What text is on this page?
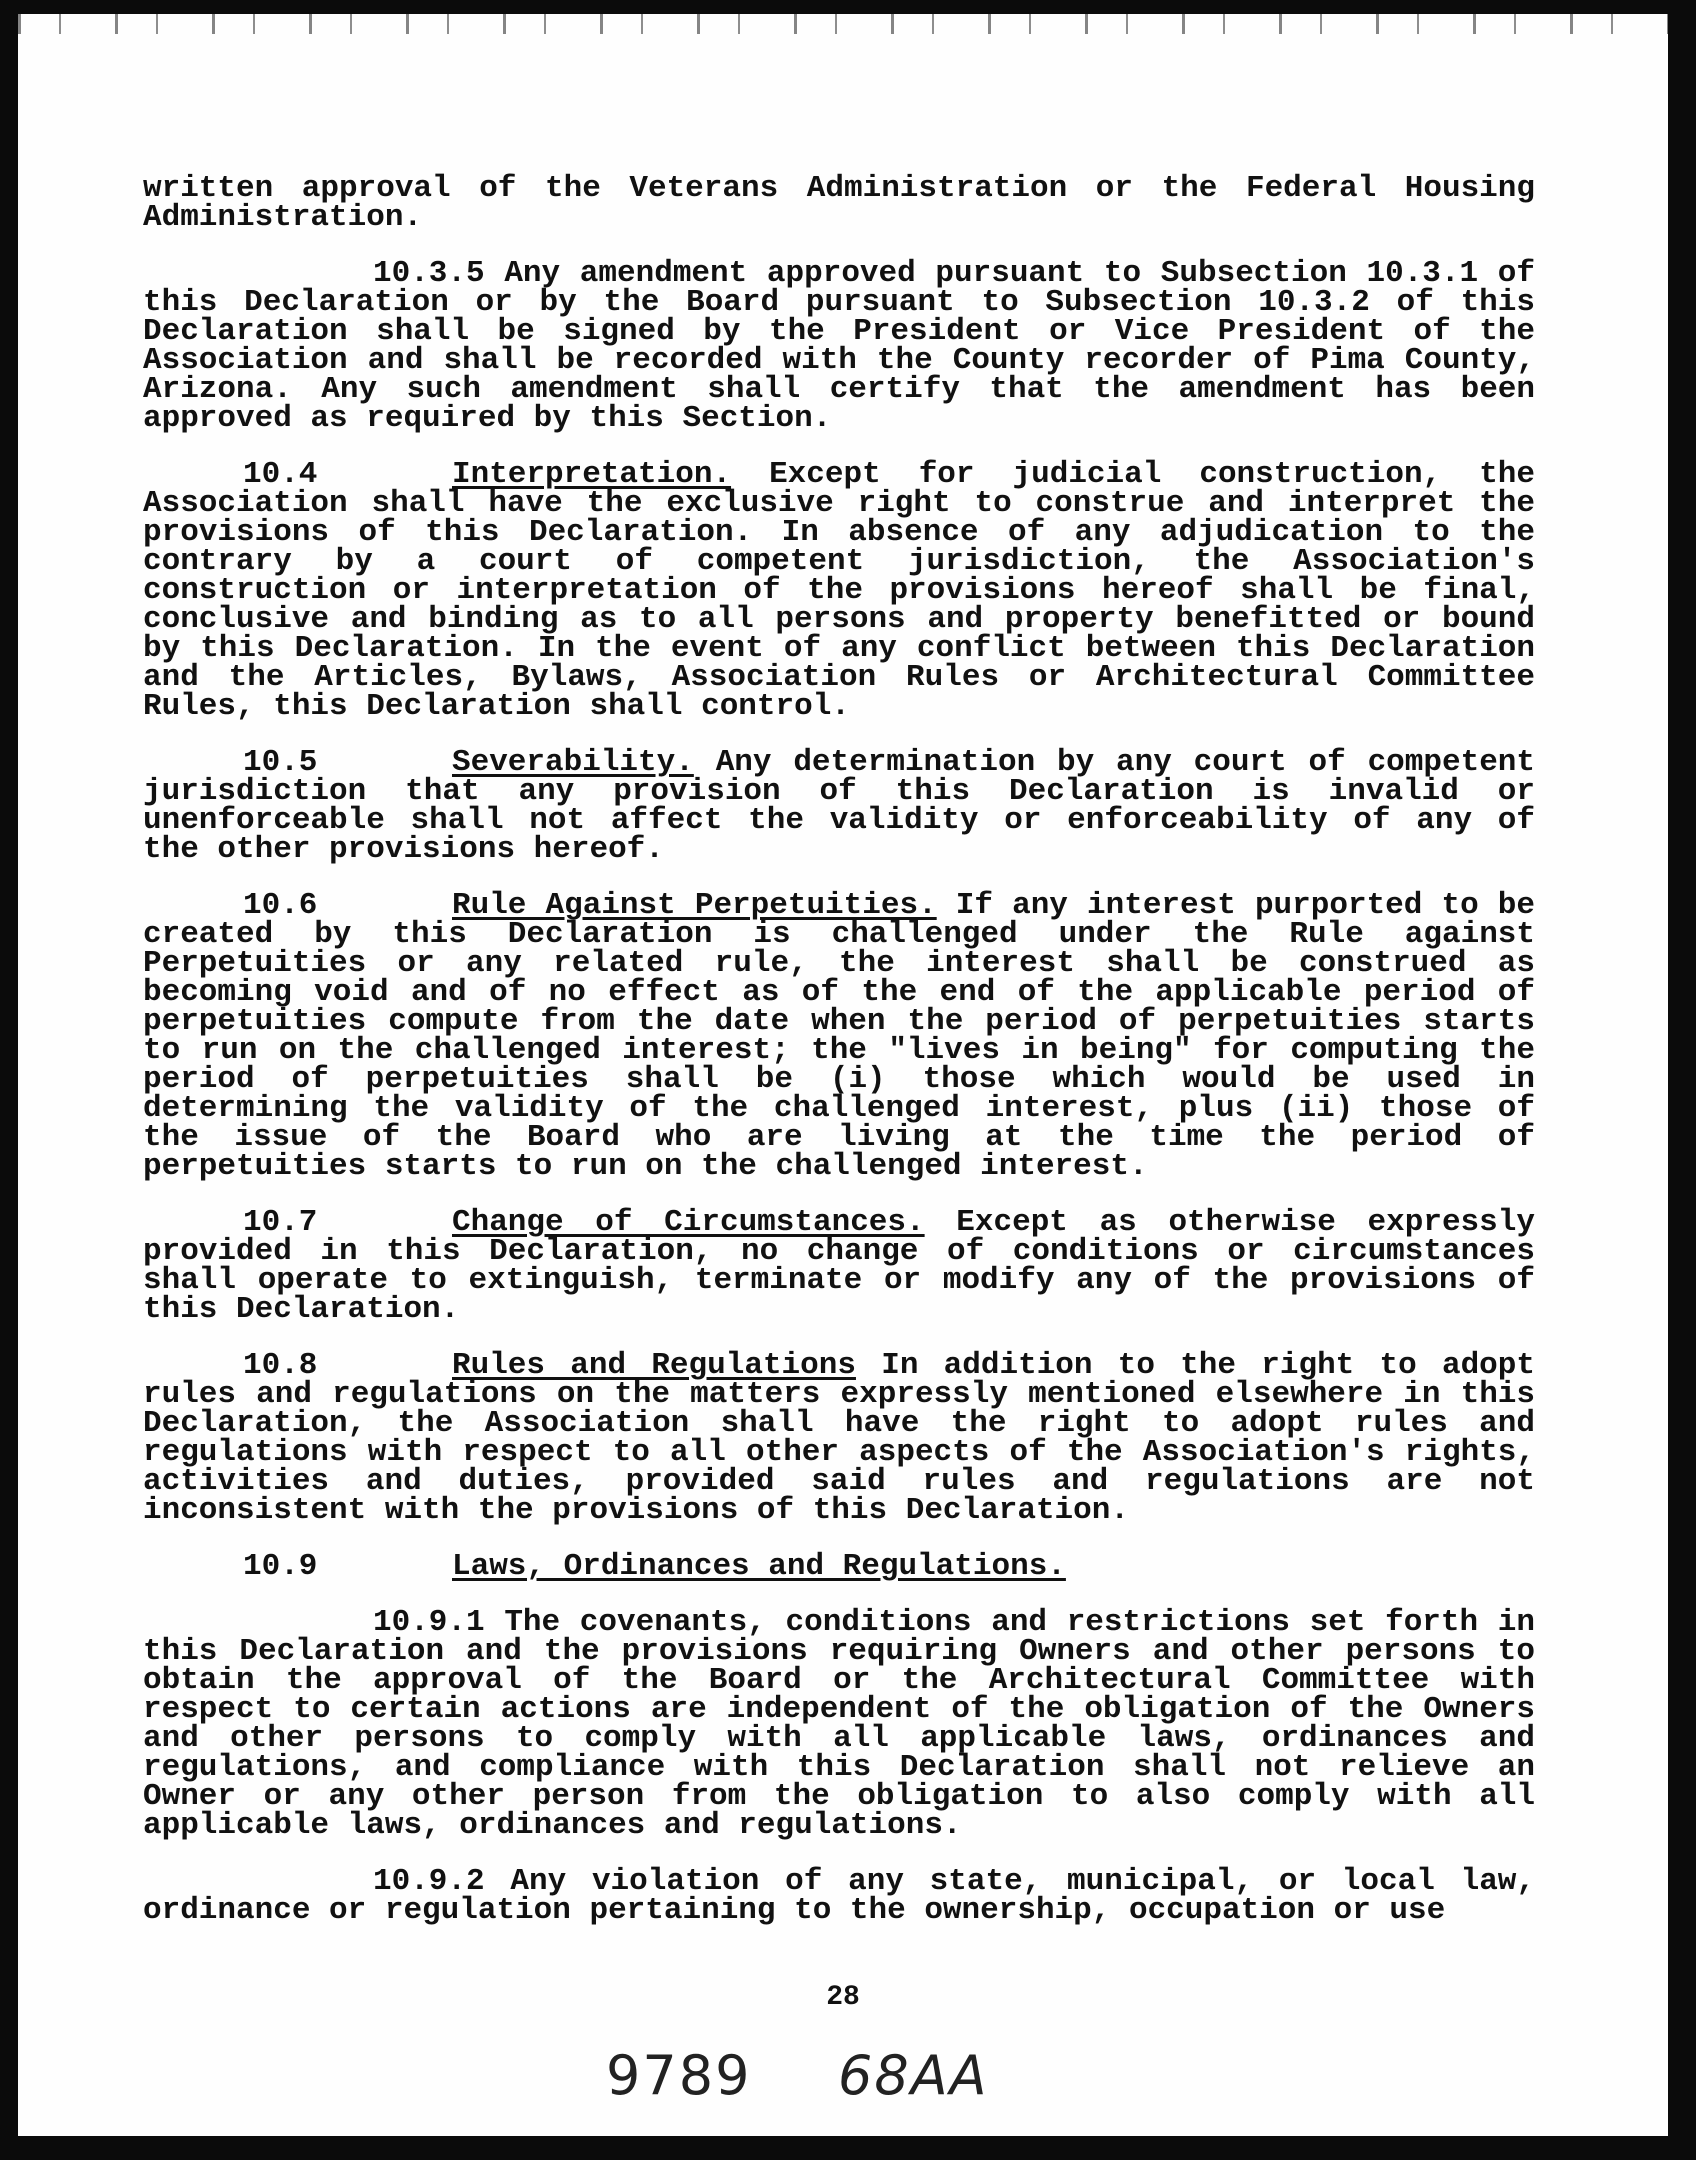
written approval of the Veterans Administration or the Federal Housing Administration.

10.3.5 Any amendment approved pursuant to Subsection 10.3.1 of this Declaration or by the Board pursuant to Subsection 10.3.2 of this Declaration shall be signed by the President or Vice President of the Association and shall be recorded with the County recorder of Pima County, Arizona. Any such amendment shall certify that the amendment has been approved as required by this Section.

10.4	Interpretation. Except for judicial construction, the Association shall have the exclusive right to construe and interpret the provisions of this Declaration. In absence of any adjudication to the contrary by a court of competent jurisdiction, the Association's construction or interpretation of the provisions hereof shall be final, conclusive and binding as to all persons and property benefitted or bound by this Declaration. In the event of any conflict between this Declaration and the Articles, Bylaws, Association Rules or Architectural Committee Rules, this Declaration shall control.

10.5	Severability. Any determination by any court of competent jurisdiction that any provision of this Declaration is invalid or unenforceable shall not affect the validity or enforceability of any of the other provisions hereof.

10.6	Rule Against Perpetuities. If any interest purported to be created by this Declaration is challenged under the Rule against Perpetuities or any related rule, the interest shall be construed as becoming void and of no effect as of the end of the applicable period of perpetuities compute from the date when the period of perpetuities starts to run on the challenged interest; the "lives in being" for computing the period of perpetuities shall be (i) those which would be used in determining the validity of the challenged interest, plus (ii) those of the issue of the Board who are living at the time the period of perpetuities starts to run on the challenged interest.

10.7	Change of Circumstances. Except as otherwise expressly provided in this Declaration, no change of conditions or circumstances shall operate to extinguish, terminate or modify any of the provisions of this Declaration.

10.8	Rules and Regulations In addition to the right to adopt rules and regulations on the matters expressly mentioned elsewhere in this Declaration, the Association shall have the right to adopt rules and regulations with respect to all other aspects of the Association's rights, activities and duties, provided said rules and regulations are not inconsistent with the provisions of this Declaration.

10.9	Laws, Ordinances and Regulations.

10.9.1 The covenants, conditions and restrictions set forth in this Declaration and the provisions requiring Owners and other persons to obtain the approval of the Board or the Architectural Committee with respect to certain actions are independent of the obligation of the Owners and other persons to comply with all applicable laws, ordinances and regulations, and compliance with this Declaration shall not relieve an Owner or any other person from the obligation to also comply with all applicable laws, ordinances and regulations.

10.9.2 Any violation of any state, municipal, or local law, ordinance or regulation pertaining to the ownership, occupation or use

28
9789 68AA
